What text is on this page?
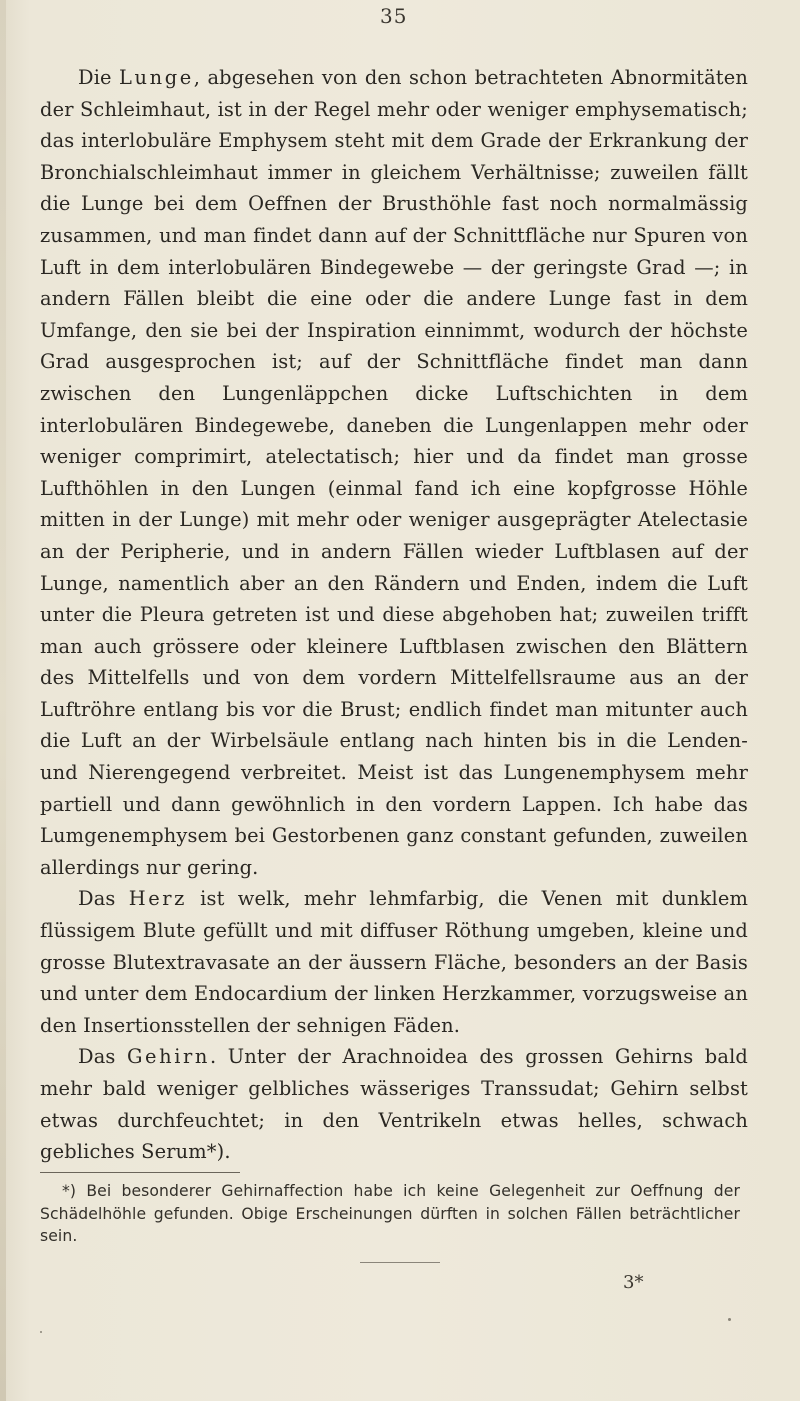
35

Die Lunge, abgesehen von den schon betrachteten Abnormitäten der Schleimhaut, ist in der Regel mehr oder weniger emphysematisch; das interlobuläre Emphysem steht mit dem Grade der Erkrankung der Bronchialschleimhaut immer in gleichem Verhältnisse; zuweilen fällt die Lunge bei dem Oeffnen der Brusthöhle fast noch normalmässig zusammen, und man findet dann auf der Schnittfläche nur Spuren von Luft in dem interlobulären Bindegewebe — der geringste Grad —; in andern Fällen bleibt die eine oder die andere Lunge fast in dem Umfange, den sie bei der Inspiration einnimmt, wodurch der höchste Grad ausgesprochen ist; auf der Schnittfläche findet man dann zwischen den Lungenläppchen dicke Luftschichten in dem interlobulären Bindegewebe, daneben die Lungenlappen mehr oder weniger comprimirt, atelectatisch; hier und da findet man grosse Lufthöhlen in den Lungen (einmal fand ich eine kopfgrosse Höhle mitten in der Lunge) mit mehr oder weniger ausgeprägter Atelectasie an der Peripherie, und in andern Fällen wieder Luftblasen auf der Lunge, namentlich aber an den Rändern und Enden, indem die Luft unter die Pleura getreten ist und diese abgehoben hat; zuweilen trifft man auch grössere oder kleinere Luftblasen zwischen den Blättern des Mittelfells und von dem vordern Mittelfellsraume aus an der Luftröhre entlang bis vor die Brust; endlich findet man mitunter auch die Luft an der Wirbelsäule entlang nach hinten bis in die Lenden- und Nierengegend verbreitet. Meist ist das Lungenemphysem mehr partiell und dann gewöhnlich in den vordern Lappen. Ich habe das Lumgenemphysem bei Gestorbenen ganz constant gefunden, zuweilen allerdings nur gering.

Das Herz ist welk, mehr lehmfarbig, die Venen mit dunklem flüssigem Blute gefüllt und mit diffuser Röthung umgeben, kleine und grosse Blutextravasate an der äussern Fläche, besonders an der Basis und unter dem Endocardium der linken Herzkammer, vorzugsweise an den Insertionsstellen der sehnigen Fäden.

Das Gehirn. Unter der Arachnoidea des grossen Gehirns bald mehr bald weniger gelbliches wässeriges Transsudat; Gehirn selbst etwas durchfeuchtet; in den Ventrikeln etwas helles, schwach gebliches Serum*).

*) Bei besonderer Gehirnaffection habe ich keine Gelegenheit zur Oeffnung der Schädelhöhle gefunden. Obige Erscheinungen dürften in solchen Fällen beträchtlicher sein.

3*
